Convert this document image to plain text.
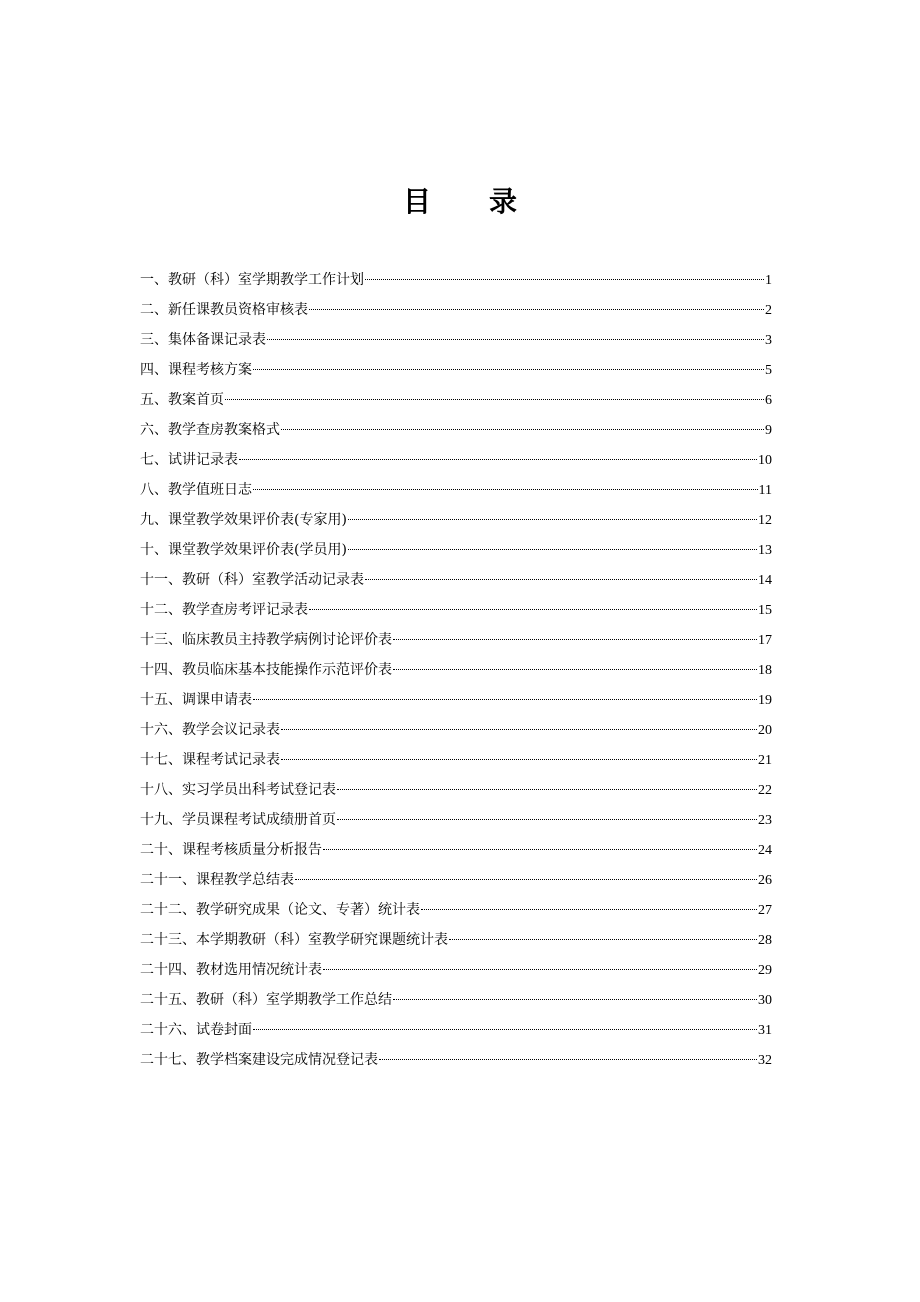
目 录
一、教研（科）室学期教学工作计划	1
二、新任课教员资格审核表	2
三、集体备课记录表	3
四、课程考核方案	5
五、教案首页	6
六、教学查房教案格式	9
七、试讲记录表	10
八、教学值班日志	11
九、课堂教学效果评价表(专家用)	12
十、课堂教学效果评价表(学员用)	13
十一、教研（科）室教学活动记录表	14
十二、教学查房考评记录表	15
十三、临床教员主持教学病例讨论评价表	17
十四、教员临床基本技能操作示范评价表	18
十五、调课申请表	19
十六、教学会议记录表	20
十七、课程考试记录表	21
十八、实习学员出科考试登记表	22
十九、学员课程考试成绩册首页	23
二十、课程考核质量分析报告	24
二十一、课程教学总结表	26
二十二、教学研究成果（论文、专著）统计表	27
二十三、本学期教研（科）室教学研究课题统计表	28
二十四、教材选用情况统计表	29
二十五、教研（科）室学期教学工作总结	30
二十六、试卷封面	31
二十七、教学档案建设完成情况登记表	32
